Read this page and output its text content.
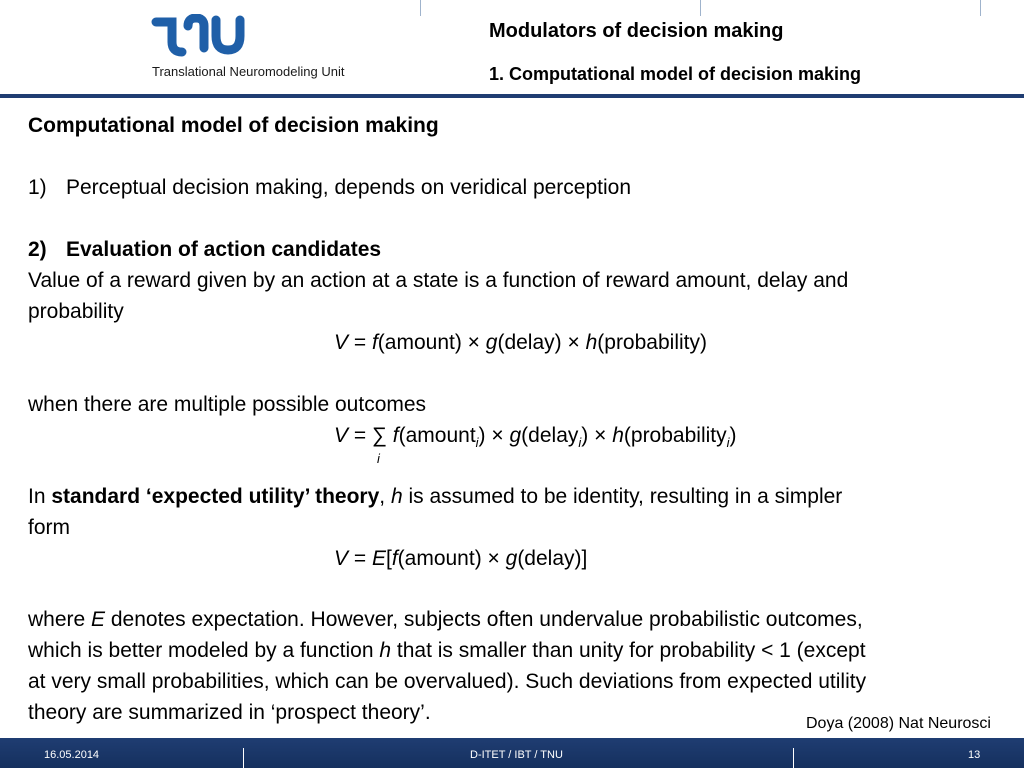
Translational Neuromodeling Unit
Modulators of decision making
1. Computational model of decision making
Computational model of decision making
1) Perceptual decision making, depends on veridical perception
2) Evaluation of action candidates
Value of a reward given by an action at a state is a function of reward amount, delay and
probability
V = f(amount) × g(delay) × h(probability)
when there are multiple possible outcomes
V = ∑ f(amount$_i$) × g(delay$_i$) × h(probability$_i$)
i
In standard ‘expected utility’ theory, h is assumed to be identity, resulting in a simpler
form
V = E[f(amount) × g(delay)]
where E denotes expectation. However, subjects often undervalue probabilistic outcomes,
which is better modeled by a function h that is smaller than unity for probability < 1 (except
at very small probabilities, which can be overvalued). Such deviations from expected utility
theory are summarized in ‘prospect theory’.	Doya (2008) Nat Neurosci
16.05.2014	D-ITET / IBT / TNU	13
